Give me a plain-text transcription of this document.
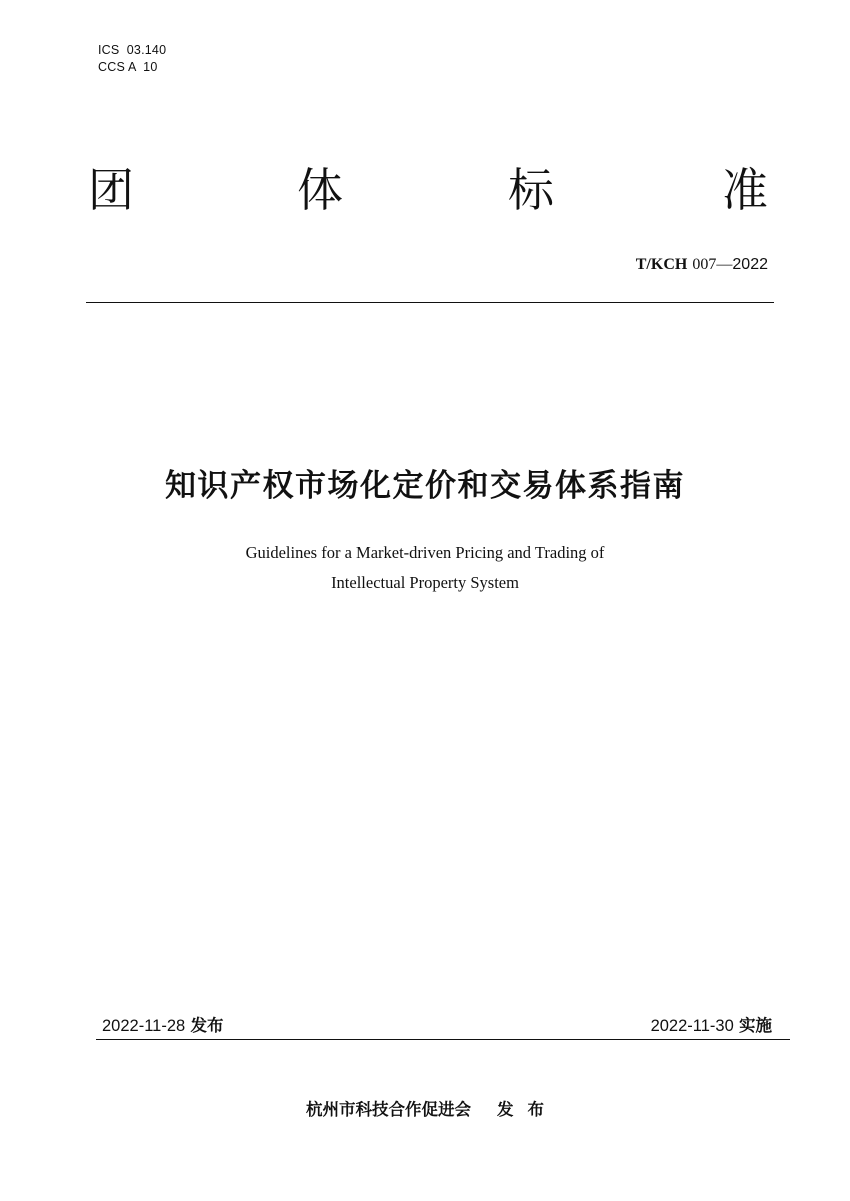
ICS  03.140
CCS A  10
团	体	标	准
T/KCH 007—2022
知识产权市场化定价和交易体系指南
Guidelines for a Market-driven Pricing and Trading of
Intellectual Property System
2022-11-28 发布	2022-11-30 实施
杭州市科技合作促进会 发 布
